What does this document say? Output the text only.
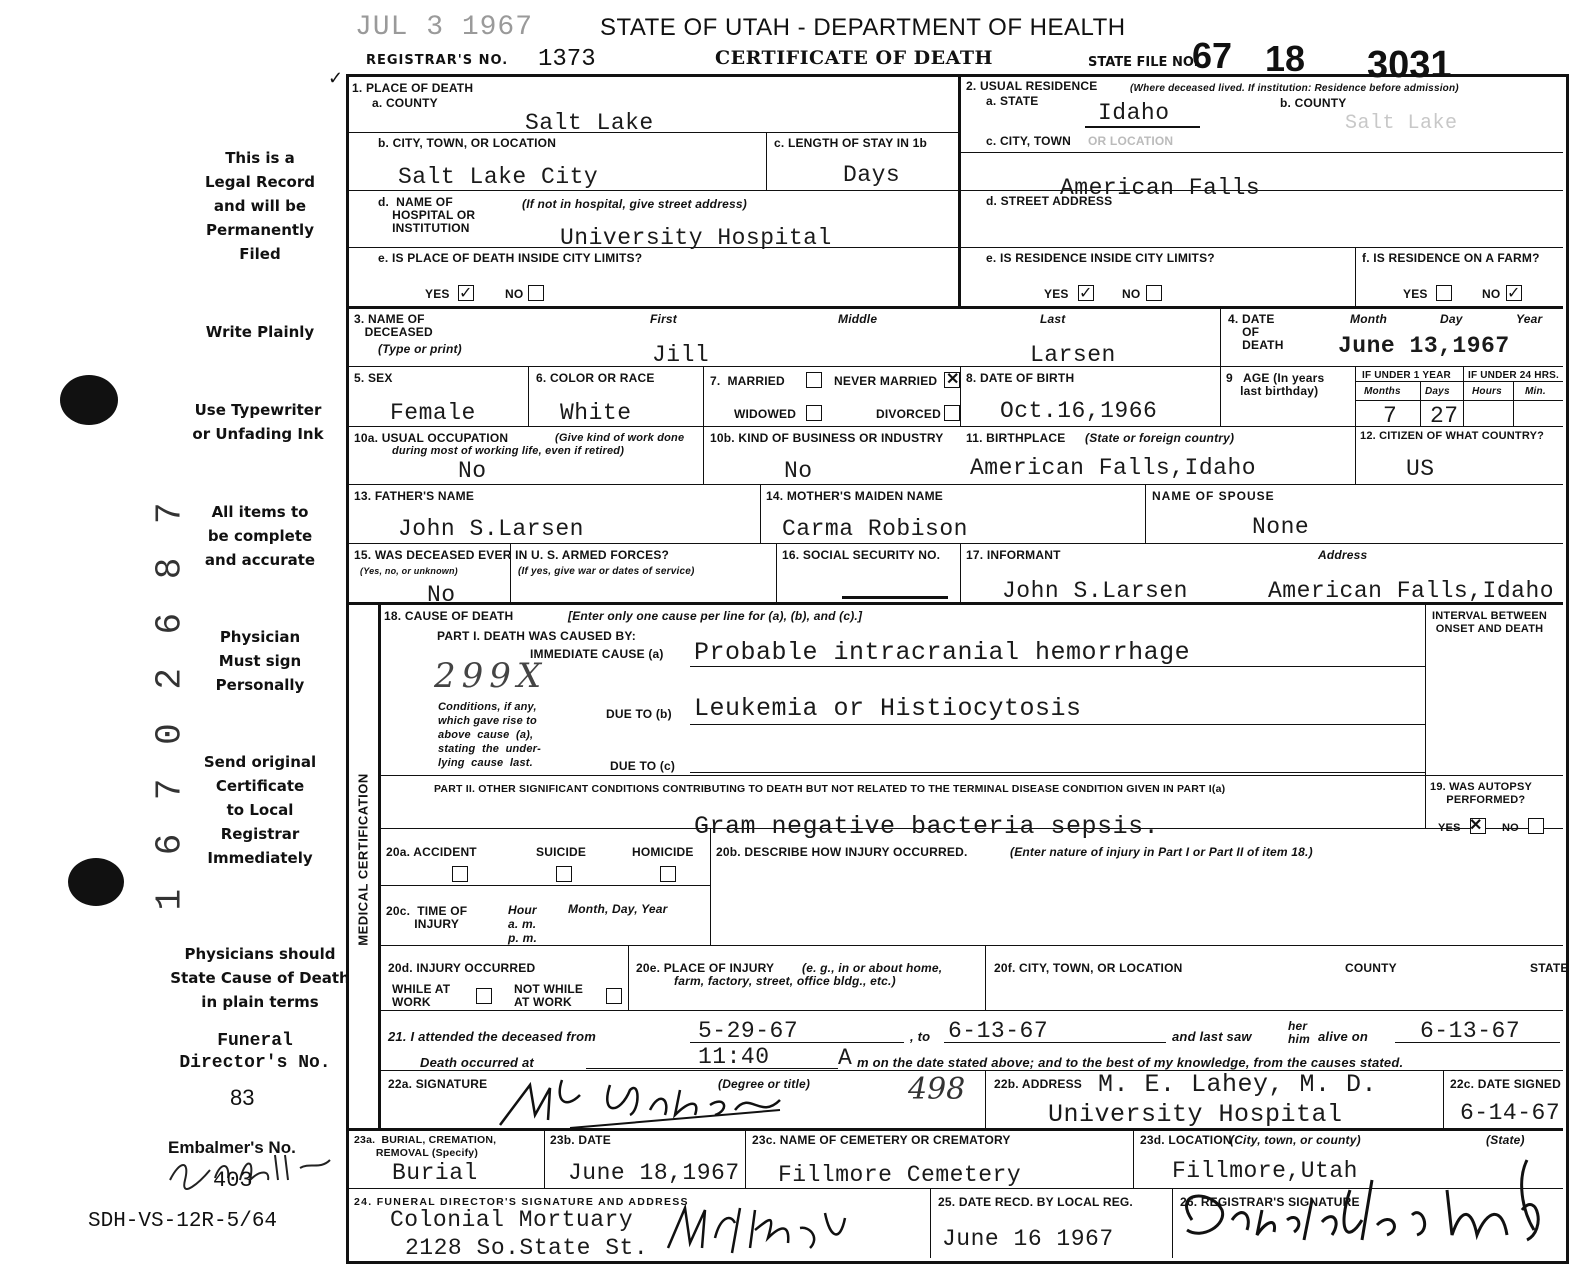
JUL 3 1967	STATE OF UTAH - DEPARTMENT OF HEALTH
REGISTRAR'S NO. 1373	CERTIFICATE OF DEATH	STATE FILE NO.
67 18 3031
✓
This is a
Legal Record
and will be
Permanently
Filed
Write Plainly
Use Typewriter
or Unfading Ink
All items to
be complete
and accurate
Physician
Must sign
Personally
Send original
Certificate
to Local
Registrar
Immediately
Physicians should
State Cause of Death
in plain terms
Funeral
Director's No.
83
Embalmer's No.
403
SDH-VS-12R-5/64
1 6 7 0 2 6 8 7
1. PLACE OF DEATH
a. COUNTY
Salt Lake
2. USUAL RESIDENCE	(Where deceased lived. If institution: Residence before admission)
a. STATE	Idaho	b. COUNTY
Salt Lake
b. CITY, TOWN, OR LOCATION
Salt Lake City
c. LENGTH OF STAY IN 1b
Days
c. CITY, TOWN OR LOCATION
American Falls
d.  NAME OF
HOSPITAL OR
INSTITUTION
(If not in hospital, give street address)
University Hospital
d. STREET ADDRESS
e. IS PLACE OF DEATH INSIDE CITY LIMITS?
YES ✓	NO
e. IS RESIDENCE INSIDE CITY LIMITS?
YES ✓ NO
f. IS RESIDENCE ON A FARM?
YES	NO ✓
3. NAME OF
DECEASED
(Type or print)
First	Middle	Last
Jill	Larsen
4. DATE
OF
DEATH
Month	Day	Year
June 13,1967
5. SEX
Female
6. COLOR OR RACE
White
7.  MARRIED	NEVER MARRIED ✕
WIDOWED	DIVORCED
8. DATE OF BIRTH
Oct.16,1966
9   AGE (In years
last birthday)
IF UNDER 1 YEAR IF UNDER 24 HRS.
Months Days Hours Min.
7 27
10a. USUAL OCCUPATION	(Give kind of work done
during most of working life, even if retired)
No
10b. KIND OF BUSINESS OR INDUSTRY
No
11. BIRTHPLACE (State or foreign country)
American Falls,Idaho
12. CITIZEN OF WHAT COUNTRY?
US
13. FATHER'S NAME
John S.Larsen
14. MOTHER'S MAIDEN NAME
Carma Robison
NAME OF SPOUSE
None
15. WAS DECEASED EVER IN U. S. ARMED FORCES?
(Yes, no, or unknown)	(If yes, give war or dates of service)
No
16. SOCIAL SECURITY NO. 17. INFORMANT	Address
John S.Larsen	American Falls,Idaho
MEDICAL CERTIFICATION
18. CAUSE OF DEATH	[Enter only one cause per line for (a), (b), and (c).]
PART I. DEATH WAS CAUSED BY:
IMMEDIATE CAUSE (a) Probable intracranial hemorrhage
299X
Conditions, if any,
which gave rise to
above  cause  (a),
stating  the  under-
lying  cause  last.
DUE TO (b) Leukemia or Histiocytosis
DUE TO (c)
INTERVAL BETWEEN
ONSET AND DEATH
PART II. OTHER SIGNIFICANT CONDITIONS CONTRIBUTING TO DEATH BUT NOT RELATED TO THE TERMINAL DISEASE CONDITION GIVEN IN PART I(a)
Gram negative bacteria sepsis.
19. WAS AUTOPSY
PERFORMED?
YES ✕ NO
20a. ACCIDENT	SUICIDE	HOMICIDE 20b. DESCRIBE HOW INJURY OCCURRED.	(Enter nature of injury in Part I or Part II of item 18.)
20c.  TIME OF
INJURY
Hour
a. m.
p. m.
Month, Day, Year
20d. INJURY OCCURRED
WHILE AT
WORK
NOT WHILE
AT WORK
20e. PLACE OF INJURY	(e. g., in or about home,
farm, factory, street, office bldg., etc.)
20f. CITY, TOWN, OR LOCATION	COUNTY	STATE
21. I attended the deceased from	5-29-67	, to 6-13-67	and last saw
her
him alive on 6-13-67
Death occurred at	11:40	A m on the date stated above; and to the best of my knowledge, from the causes stated.
22a. SIGNATURE	(Degree or title)	498 22b. ADDRESS M. E. Lahey, M. D.
University Hospital
22c. DATE SIGNED
6-14-67
23a.  BURIAL, CREMATION,
REMOVAL (Specify)
Burial
23b. DATE
June 18,1967
23c. NAME OF CEMETERY OR CREMATORY
Fillmore Cemetery
23d. LOCATION
(City, town, or county)	(State)
Fillmore,Utah
24. FUNERAL DIRECTOR'S SIGNATURE AND ADDRESS
Colonial Mortuary
2128 So.State St.
25. DATE RECD. BY LOCAL REG.
June 16 1967
26. REGISTRAR'S SIGNATURE
